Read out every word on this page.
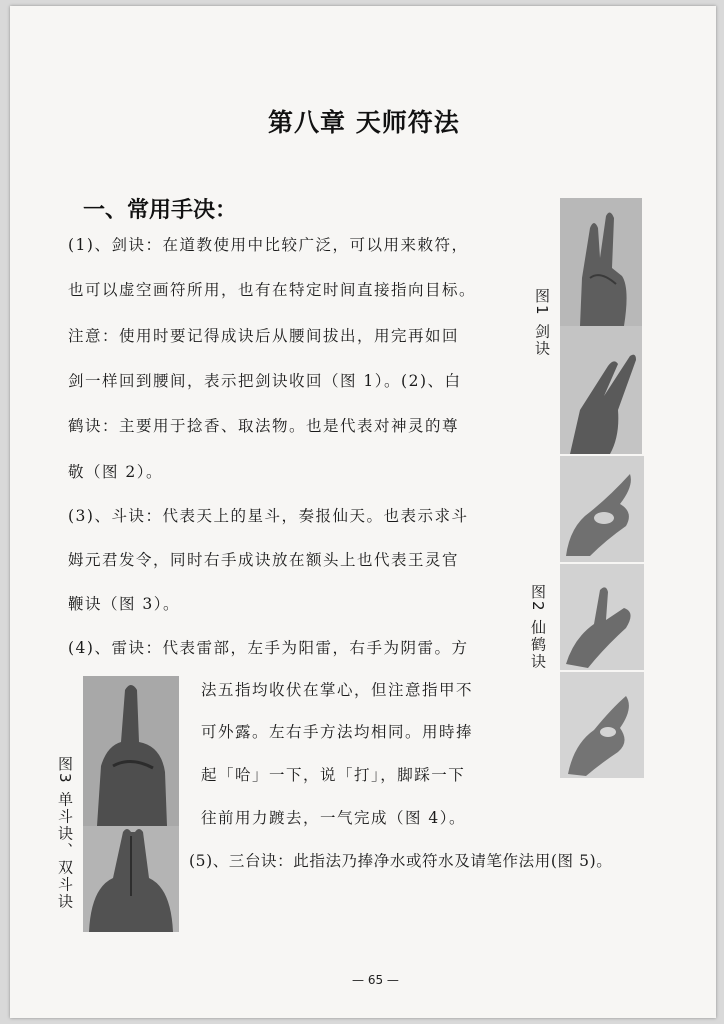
第八章 天师符法
一、常用手决：
(1)、剑诀：在道教使用中比较广泛，可以用来敕符，
也可以虚空画符所用，也有在特定时间直接指向目标。
注意：使用时要记得成诀后从腰间拔出，用完再如回
剑一样回到腰间，表示把剑诀收回（图 1）。(2)、白
鹤诀：主要用于捻香、取法物。也是代表对神灵的尊
敬（图 2）。
(3)、斗诀：代表天上的星斗，奏报仙天。也表示求斗
姆元君发令，同时右手成诀放在额头上也代表王灵官
鞭诀（图 3）。
(4)、雷诀：代表雷部，左手为阳雷，右手为阴雷。方
法五指均收伏在掌心，但注意指甲不
可外露。左右手方法均相同。用時捧
起「哈」一下，说「打」，脚踩一下
往前用力踱去，一气完成（图 4）。
(5)、三台诀：此指法乃捧净水或符水及请笔作法用(图 5)。
图1 剑诀
图2 仙鹤诀
图3 单斗诀、双斗诀
— 65 —
